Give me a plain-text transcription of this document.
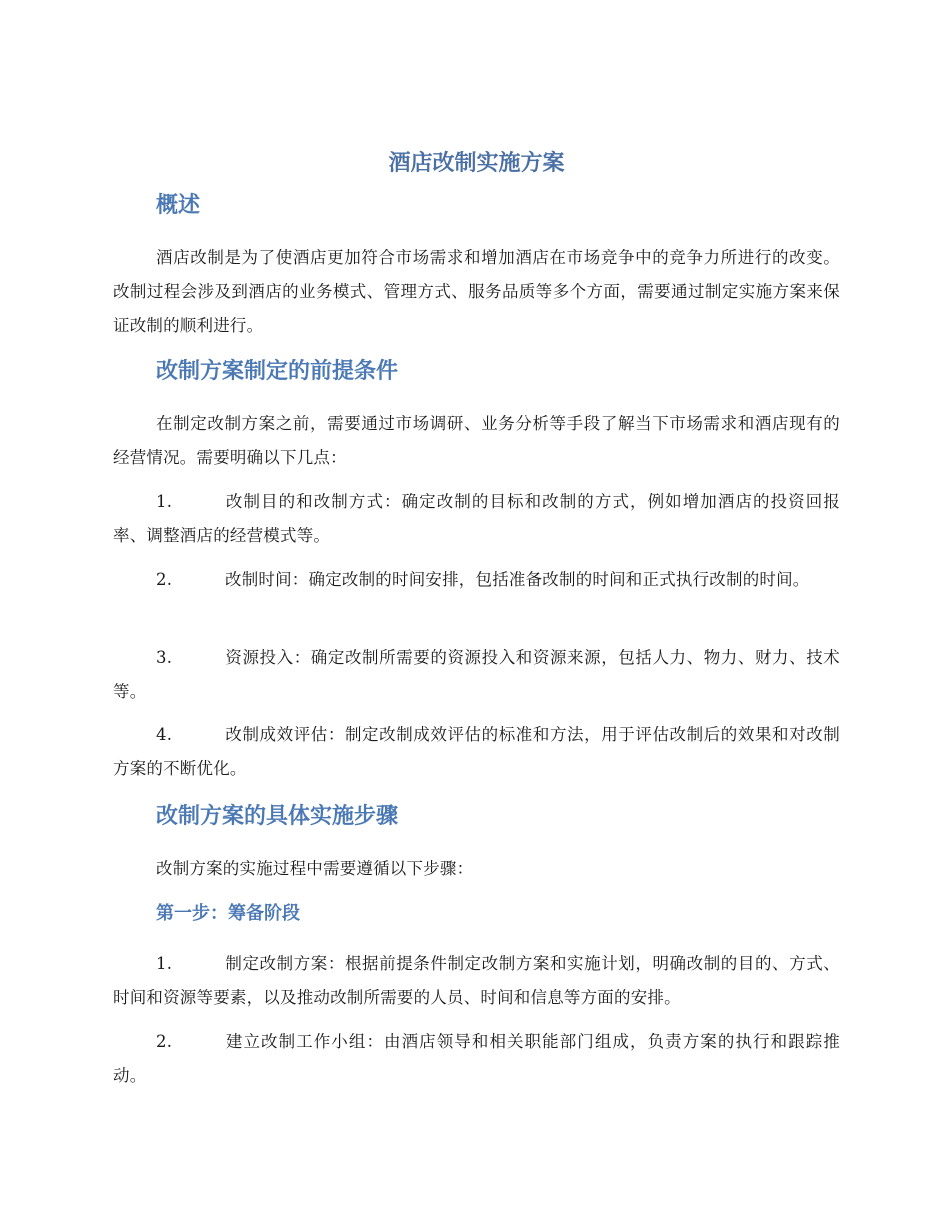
酒店改制实施方案
概述

酒店改制是为了使酒店更加符合市场需求和增加酒店在市场竞争中的竞争力所进行的改变。改制过程会涉及到酒店的业务模式、管理方式、服务品质等多个方面，需要通过制定实施方案来保证改制的顺利进行。

改制方案制定的前提条件

在制定改制方案之前，需要通过市场调研、业务分析等手段了解当下市场需求和酒店现有的经营情况。需要明确以下几点：

1.	改制目的和改制方式：确定改制的目标和改制的方式，例如增加酒店的投资回报率、调整酒店的经营模式等。

2.	改制时间：确定改制的时间安排，包括准备改制的时间和正式执行改制的时间。

3.	资源投入：确定改制所需要的资源投入和资源来源，包括人力、物力、财力、技术等。

4.	改制成效评估：制定改制成效评估的标准和方法，用于评估改制后的效果和对改制方案的不断优化。

改制方案的具体实施步骤

改制方案的实施过程中需要遵循以下步骤：

第一步：筹备阶段

1.	制定改制方案：根据前提条件制定改制方案和实施计划，明确改制的目的、方式、时间和资源等要素，以及推动改制所需要的人员、时间和信息等方面的安排。

2.	建立改制工作小组：由酒店领导和相关职能部门组成，负责方案的执行和跟踪推动。
